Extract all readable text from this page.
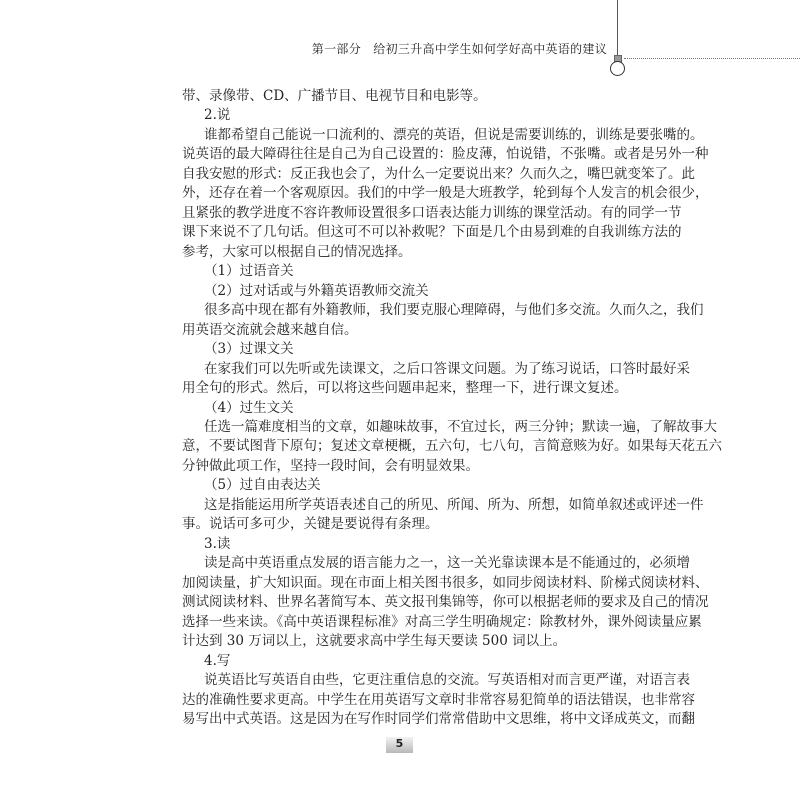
第一部分　给初三升高中学生如何学好高中英语的建议
带、录像带、CD、广播节目、电视节目和电影等。
2.说
谁都希望自己能说一口流利的、漂亮的英语，但说是需要训练的，训练是要张嘴的。
说英语的最大障碍往往是自己为自己设置的：脸皮薄，怕说错，不张嘴。或者是另外一种
自我安慰的形式：反正我也会了，为什么一定要说出来？久而久之，嘴巴就变笨了。此
外，还存在着一个客观原因。我们的中学一般是大班教学，轮到每个人发言的机会很少，
且紧张的教学进度不容许教师设置很多口语表达能力训练的课堂活动。有的同学一节
课下来说不了几句话。但这可不可以补救呢？下面是几个由易到难的自我训练方法的
参考，大家可以根据自己的情况选择。
（1）过语音关
（2）过对话或与外籍英语教师交流关
很多高中现在都有外籍教师，我们要克服心理障碍，与他们多交流。久而久之，我们
用英语交流就会越来越自信。
（3）过课文关
在家我们可以先听或先读课文，之后口答课文问题。为了练习说话，口答时最好采
用全句的形式。然后，可以将这些问题串起来，整理一下，进行课文复述。
（4）过生文关
任选一篇难度相当的文章，如趣味故事，不宜过长，两三分钟；默读一遍，了解故事大
意，不要试图背下原句；复述文章梗概，五六句，七八句，言简意赅为好。如果每天花五六
分钟做此项工作，坚持一段时间，会有明显效果。
（5）过自由表达关
这是指能运用所学英语表述自己的所见、所闻、所为、所想，如简单叙述或评述一件
事。说话可多可少，关键是要说得有条理。
3.读
读是高中英语重点发展的语言能力之一，这一关光靠读课本是不能通过的，必须增
加阅读量，扩大知识面。现在市面上相关图书很多，如同步阅读材料、阶梯式阅读材料、
测试阅读材料、世界名著简写本、英文报刊集锦等，你可以根据老师的要求及自己的情况
选择一些来读。《高中英语课程标准》对高三学生明确规定：除教材外，课外阅读量应累
计达到 30 万词以上，这就要求高中学生每天要读 500 词以上。
4.写
说英语比写英语自由些，它更注重信息的交流。写英语相对而言更严谨，对语言表
达的准确性要求更高。中学生在用英语写文章时非常容易犯简单的语法错误，也非常容
易写出中式英语。这是因为在写作时同学们常常借助中文思维，将中文译成英文，而翻
5
